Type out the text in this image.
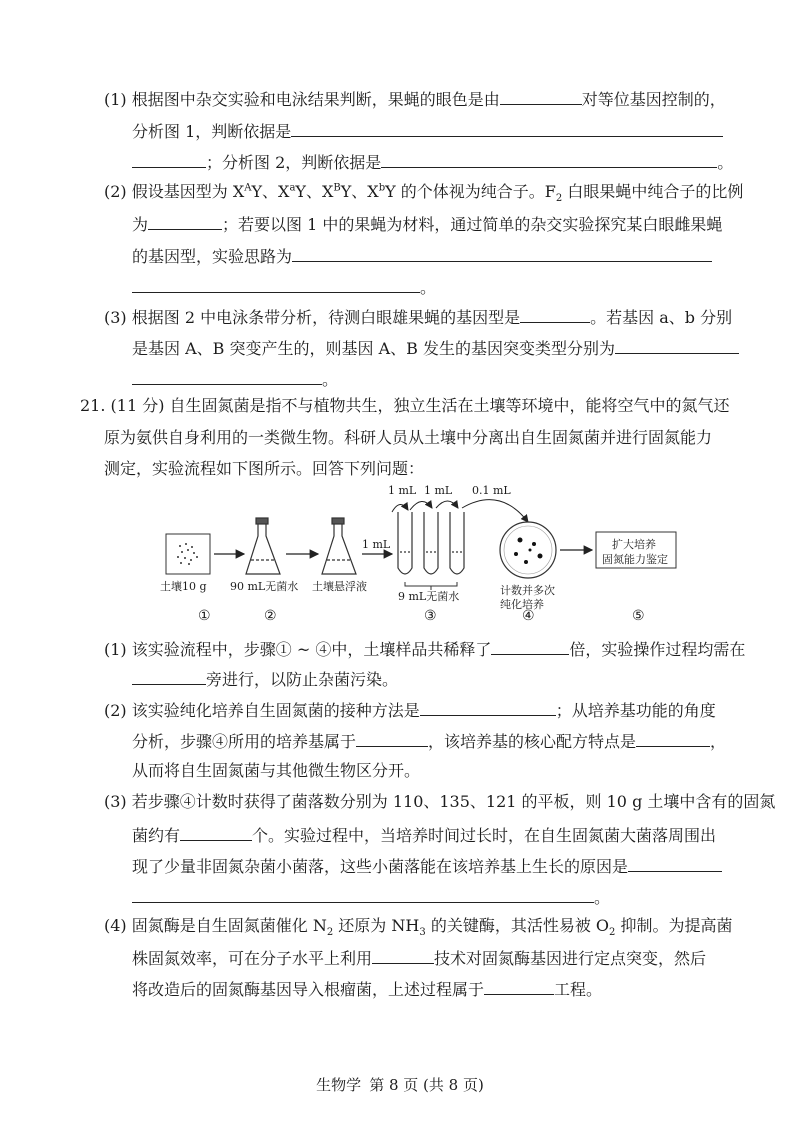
(1) 根据图中杂交实验和电泳结果判断，果蝇的眼色是由	对等位基因控制的，
分析图 1，判断依据是
；分析图 2，判断依据是	。
(2) 假设基因型为 $X^AY$、$X^aY$、$X^BY$、$X^bY$ 的个体视为纯合子。$F_2$ 白眼果蝇中纯合子的比例
为	；若要以图 1 中的果蝇为材料，通过简单的杂交实验探究某白眼雌果蝇
的基因型，实验思路为
。
(3) 根据图 2 中电泳条带分析，待测白眼雄果蝇的基因型是	。若基因 a、b 分别
是基因 A、B 突变产生的，则基因 A、B 发生的基因突变类型分别为
。
21. (11 分) 自生固氮菌是指不与植物共生，独立生活在土壤等环境中，能将空气中的氮气还
原为氨供自身利用的一类微生物。科研人员从土壤中分离出自生固氮菌并进行固氮能力
测定，实验流程如下图所示。回答下列问题：
土壤10 g 90 mL无菌水 土壤悬浮液
1 mL
1 mL 1 mL 0.1 mL
9 mL无菌水	计数并多次
纯化培养
扩大培养
固氮能力鉴定
①	②	③	④	⑤
(1) 该实验流程中，步骤① ~ ④中，土壤样品共稀释了	倍，实验操作过程均需在
旁进行，以防止杂菌污染。
(2) 该实验纯化培养自生固氮菌的接种方法是	；从培养基功能的角度
分析，步骤④所用的培养基属于	，该培养基的核心配方特点是	，
从而将自生固氮菌与其他微生物区分开。
(3) 若步骤④计数时获得了菌落数分别为 110、135、121 的平板，则 10 g 土壤中含有的固氮
菌约有	个。实验过程中，当培养时间过长时，在自生固氮菌大菌落周围出
现了少量非固氮杂菌小菌落，这些小菌落能在该培养基上生长的原因是
。
(4) 固氮酶是自生固氮菌催化 $N_2$ 还原为 $NH_3$ 的关键酶，其活性易被 $O_2$ 抑制。为提高菌
株固氮效率，可在分子水平上利用	技术对固氮酶基因进行定点突变，然后
将改造后的固氮酶基因导入根瘤菌，上述过程属于	工程。
生物学 第 8 页 (共 8 页)
